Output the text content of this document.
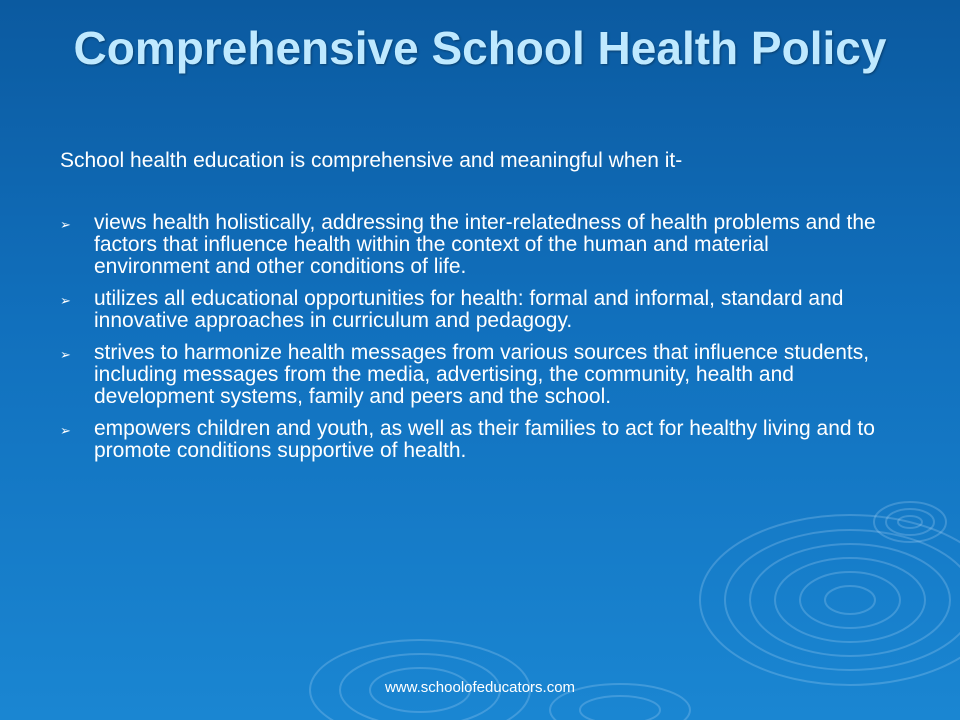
Comprehensive School Health Policy
School health education is comprehensive and meaningful when it-
➢	views health holistically, addressing the inter-relatedness of health problems and the factors that influence health within the context of the human and material environment and other conditions of life.
➢	utilizes all educational opportunities for health: formal and informal, standard and innovative approaches in curriculum and pedagogy.
➢	strives to harmonize health messages from various sources that influence students, including messages from the media, advertising, the community, health and development systems, family and peers and the school.
➢	empowers children and youth, as well as their families to act for healthy living and to promote conditions supportive of health.
www.schoolofeducators.com
